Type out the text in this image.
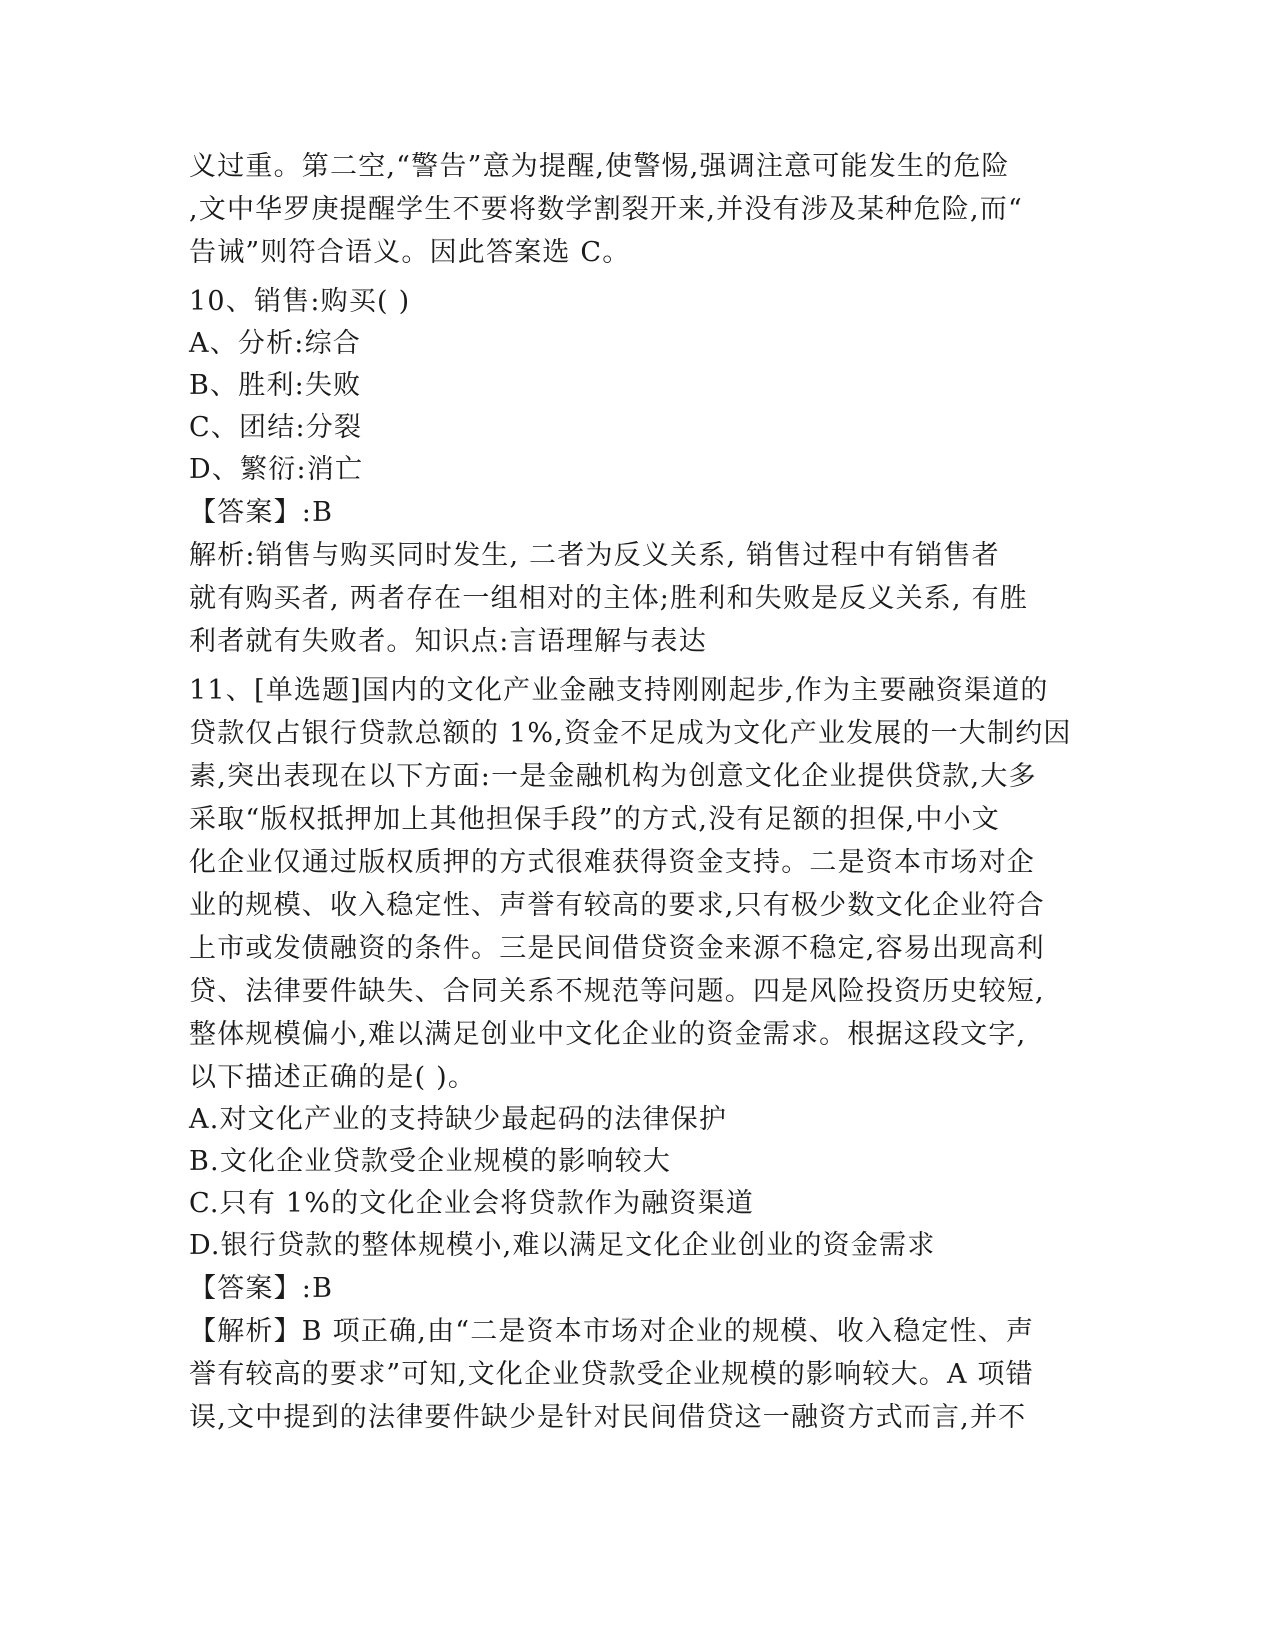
义过重。第二空,“警告”意为提醒,使警惕,强调注意可能发生的危险
,文中华罗庚提醒学生不要将数学割裂开来,并没有涉及某种危险,而“
告诫”则符合语义。因此答案选 C。
10、销售:购买( )
A、分析:综合
B、胜利:失败
C、团结:分裂
D、繁衍:消亡
【答案】:B
解析:销售与购买同时发生, 二者为反义关系, 销售过程中有销售者
就有购买者, 两者存在一组相对的主体;胜利和失败是反义关系, 有胜
利者就有失败者。知识点:言语理解与表达
11、[单选题]国内的文化产业金融支持刚刚起步,作为主要融资渠道的
贷款仅占银行贷款总额的 1%,资金不足成为文化产业发展的一大制约因
素,突出表现在以下方面:一是金融机构为创意文化企业提供贷款,大多
采取“版权抵押加上其他担保手段”的方式,没有足额的担保,中小文
化企业仅通过版权质押的方式很难获得资金支持。二是资本市场对企
业的规模、收入稳定性、声誉有较高的要求,只有极少数文化企业符合
上市或发债融资的条件。三是民间借贷资金来源不稳定,容易出现高利
贷、法律要件缺失、合同关系不规范等问题。四是风险投资历史较短,
整体规模偏小,难以满足创业中文化企业的资金需求。根据这段文字,
以下描述正确的是( )。
A.对文化产业的支持缺少最起码的法律保护
B.文化企业贷款受企业规模的影响较大
C.只有 1%的文化企业会将贷款作为融资渠道
D.银行贷款的整体规模小,难以满足文化企业创业的资金需求
【答案】:B
【解析】B 项正确,由“二是资本市场对企业的规模、收入稳定性、声
誉有较高的要求”可知,文化企业贷款受企业规模的影响较大。A 项错
误,文中提到的法律要件缺少是针对民间借贷这一融资方式而言,并不
